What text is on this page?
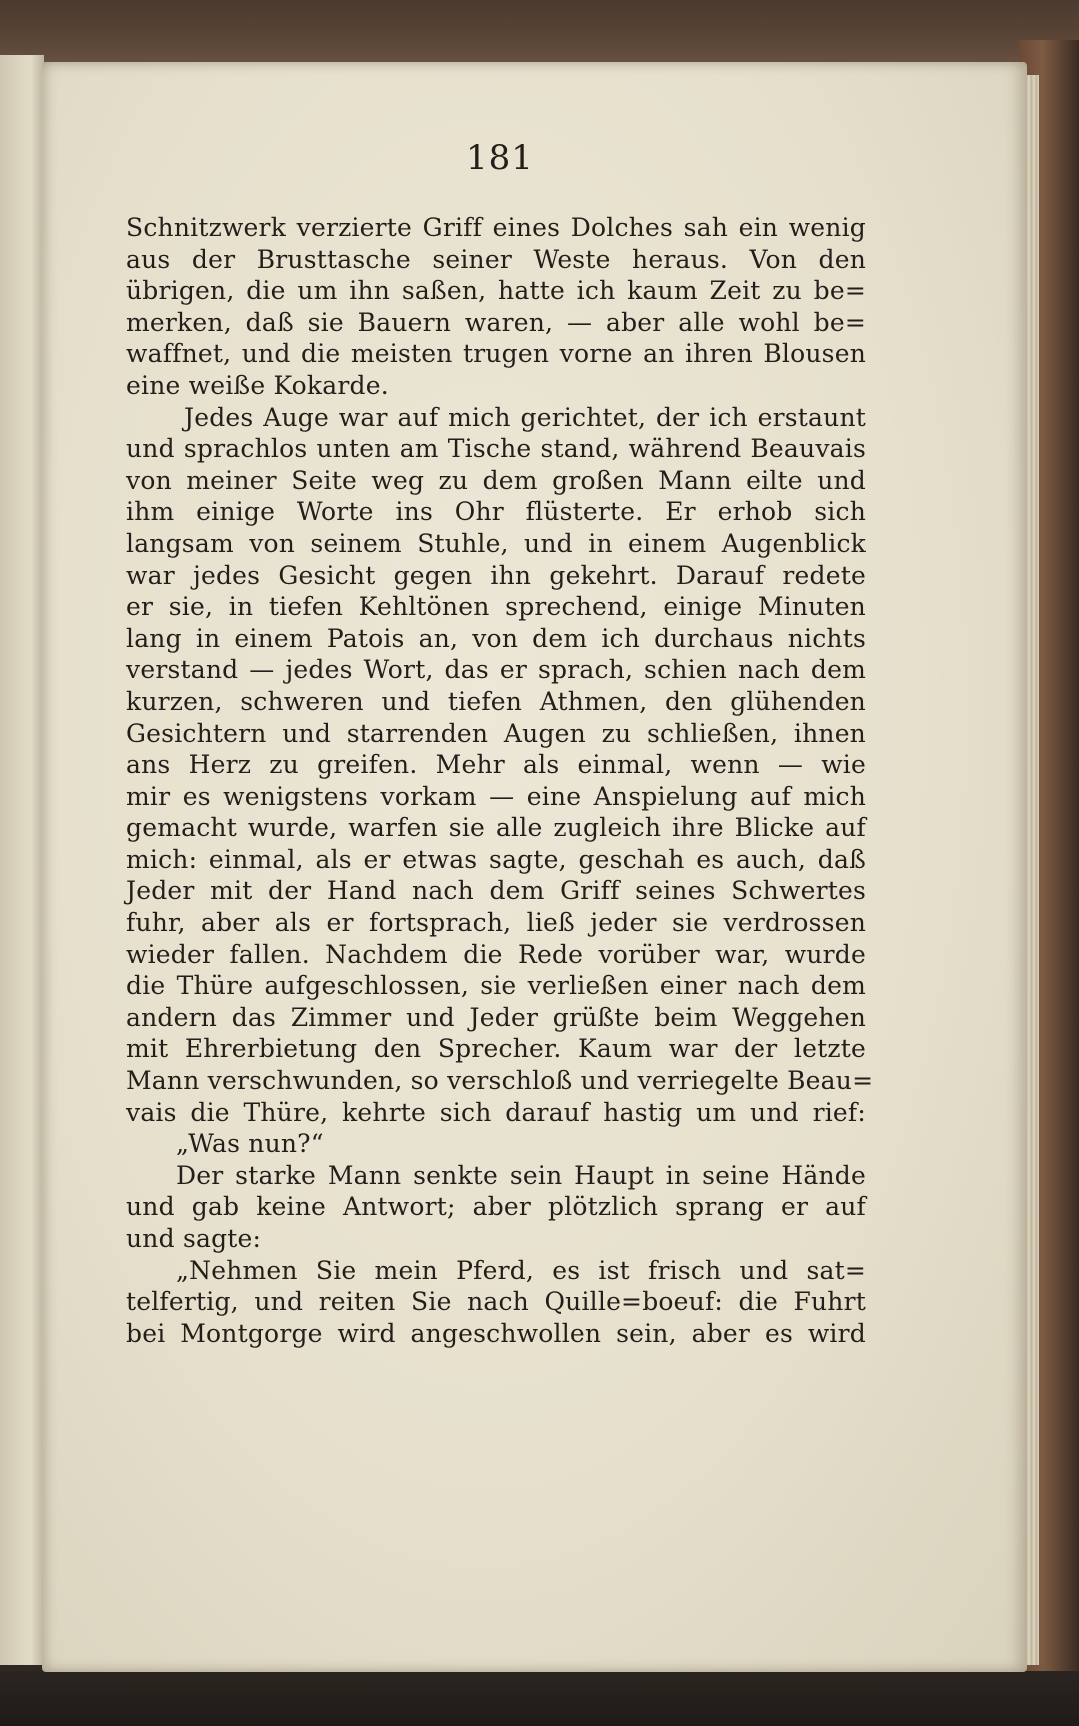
181
Schnitzwerk verzierte Griff eines Dolches sah ein wenig
aus der Brusttasche seiner Weste heraus. Von den
übrigen, die um ihn saßen, hatte ich kaum Zeit zu be=
merken, daß sie Bauern waren, — aber alle wohl be=
waffnet, und die meisten trugen vorne an ihren Blousen
eine weiße Kokarde.
Jedes Auge war auf mich gerichtet, der ich erstaunt
und sprachlos unten am Tische stand, während Beauvais
von meiner Seite weg zu dem großen Mann eilte und
ihm einige Worte ins Ohr flüsterte. Er erhob sich
langsam von seinem Stuhle, und in einem Augenblick
war jedes Gesicht gegen ihn gekehrt. Darauf redete
er sie, in tiefen Kehltönen sprechend, einige Minuten
lang in einem Patois an, von dem ich durchaus nichts
verstand — jedes Wort, das er sprach, schien nach dem
kurzen, schweren und tiefen Athmen, den glühenden
Gesichtern und starrenden Augen zu schließen, ihnen
ans Herz zu greifen. Mehr als einmal, wenn — wie
mir es wenigstens vorkam — eine Anspielung auf mich
gemacht wurde, warfen sie alle zugleich ihre Blicke auf
mich: einmal, als er etwas sagte, geschah es auch, daß
Jeder mit der Hand nach dem Griff seines Schwertes
fuhr, aber als er fortsprach, ließ jeder sie verdrossen
wieder fallen. Nachdem die Rede vorüber war, wurde
die Thüre aufgeschlossen, sie verließen einer nach dem
andern das Zimmer und Jeder grüßte beim Weggehen
mit Ehrerbietung den Sprecher. Kaum war der letzte
Mann verschwunden, so verschloß und verriegelte Beau=
vais die Thüre, kehrte sich darauf hastig um und rief:
„Was nun?“
Der starke Mann senkte sein Haupt in seine Hände
und gab keine Antwort; aber plötzlich sprang er auf
und sagte:
„Nehmen Sie mein Pferd, es ist frisch und sat=
telfertig, und reiten Sie nach Quille=boeuf: die Fuhrt
bei Montgorge wird angeschwollen sein, aber es wird
